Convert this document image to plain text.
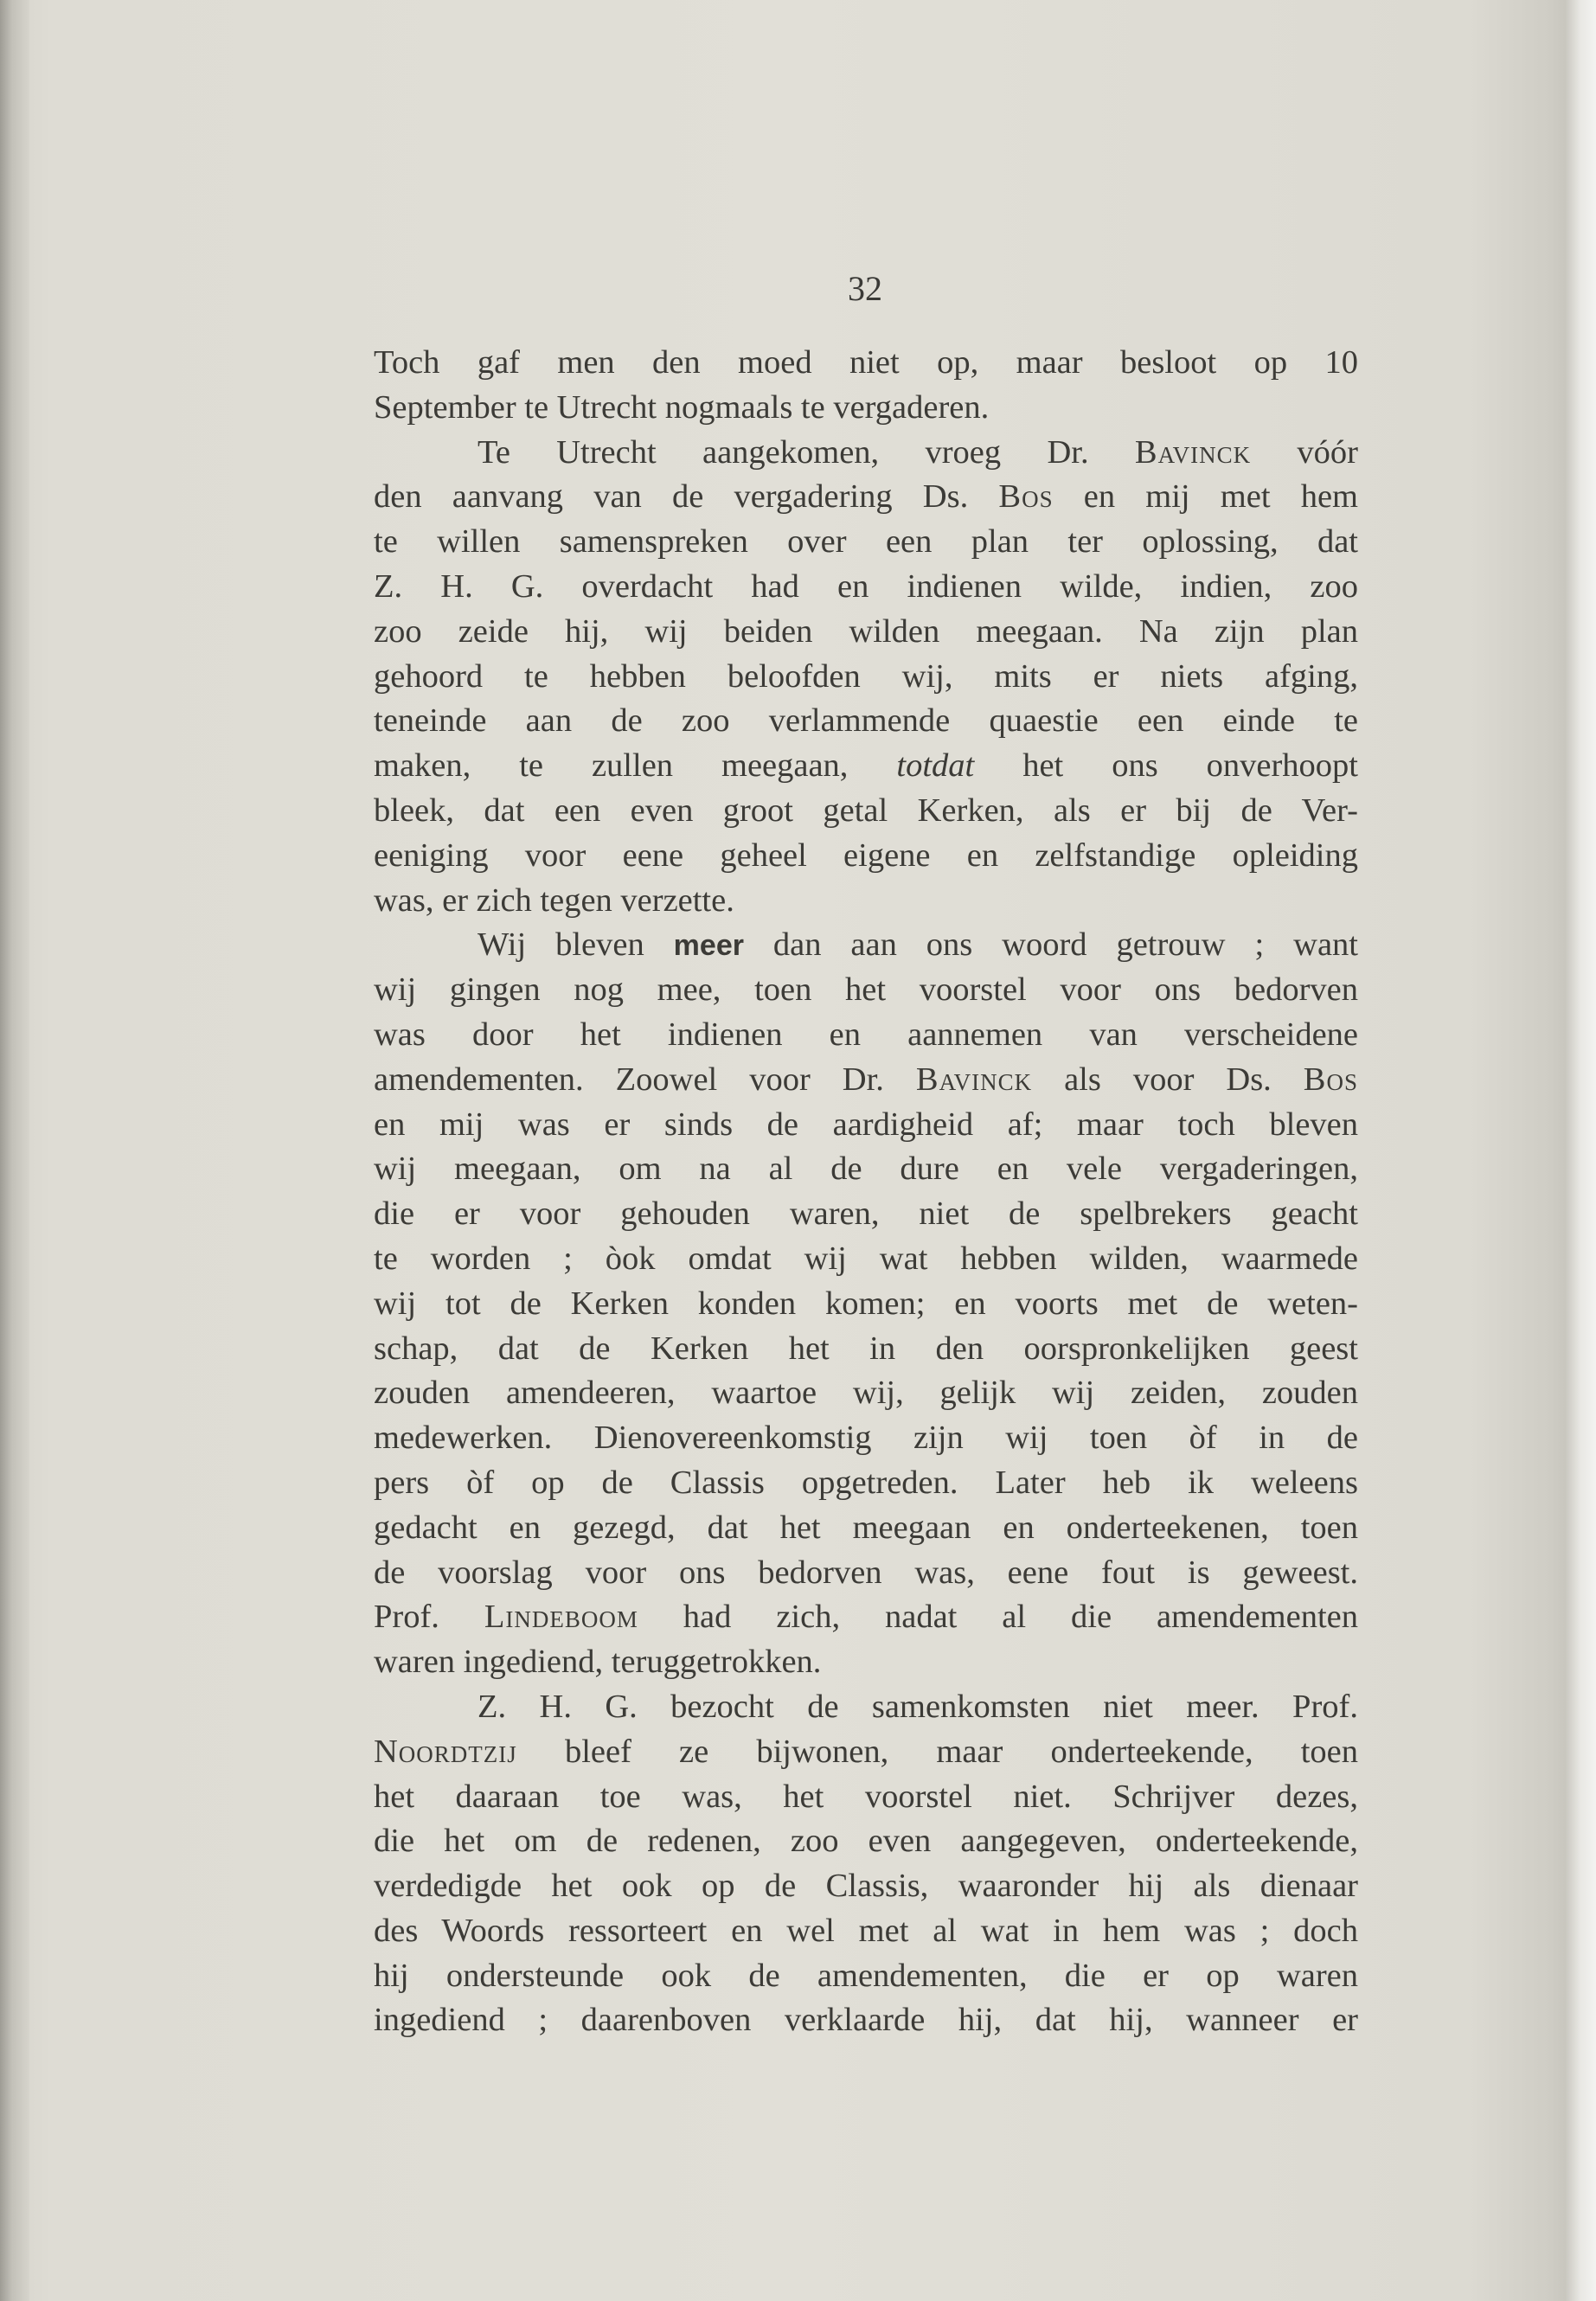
32
Toch gaf men den moed niet op, maar besloot op 10
September te Utrecht nogmaals te vergaderen.
Te Utrecht aangekomen, vroeg Dr. Bavinck vóór
den aanvang van de vergadering Ds. Bos en mij met hem
te willen samenspreken over een plan ter oplossing, dat
Z. H. G. overdacht had en indienen wilde, indien, zoo
zoo zeide hij, wij beiden wilden meegaan. Na zijn plan
gehoord te hebben beloofden wij, mits er niets afging,
teneinde aan de zoo verlammende quaestie een einde te
maken, te zullen meegaan, totdat het ons onverhoopt
bleek, dat een even groot getal Kerken, als er bij de Ver-
eeniging voor eene geheel eigene en zelfstandige opleiding
was, er zich tegen verzette.
Wij bleven meer dan aan ons woord getrouw ; want
wij gingen nog mee, toen het voorstel voor ons bedorven
was door het indienen en aannemen van verscheidene
amendementen. Zoowel voor Dr. Bavinck als voor Ds. Bos
en mij was er sinds de aardigheid af; maar toch bleven
wij meegaan, om na al de dure en vele vergaderingen,
die er voor gehouden waren, niet de spelbrekers geacht
te worden ; òok omdat wij wat hebben wilden, waarmede
wij tot de Kerken konden komen; en voorts met de weten-
schap, dat de Kerken het in den oorspronkelijken geest
zouden amendeeren, waartoe wij, gelijk wij zeiden, zouden
medewerken. Dienovereenkomstig zijn wij toen òf in de
pers òf op de Classis opgetreden. Later heb ik weleens
gedacht en gezegd, dat het meegaan en onderteekenen, toen
de voorslag voor ons bedorven was, eene fout is geweest.
Prof. Lindeboom had zich, nadat al die amendementen
waren ingediend, teruggetrokken.
Z. H. G. bezocht de samenkomsten niet meer. Prof.
Noordtzij bleef ze bijwonen, maar onderteekende, toen
het daaraan toe was, het voorstel niet. Schrijver dezes,
die het om de redenen, zoo even aangegeven, onderteekende,
verdedigde het ook op de Classis, waaronder hij als dienaar
des Woords ressorteert en wel met al wat in hem was ; doch
hij ondersteunde ook de amendementen, die er op waren
ingediend ; daarenboven verklaarde hij, dat hij, wanneer er
